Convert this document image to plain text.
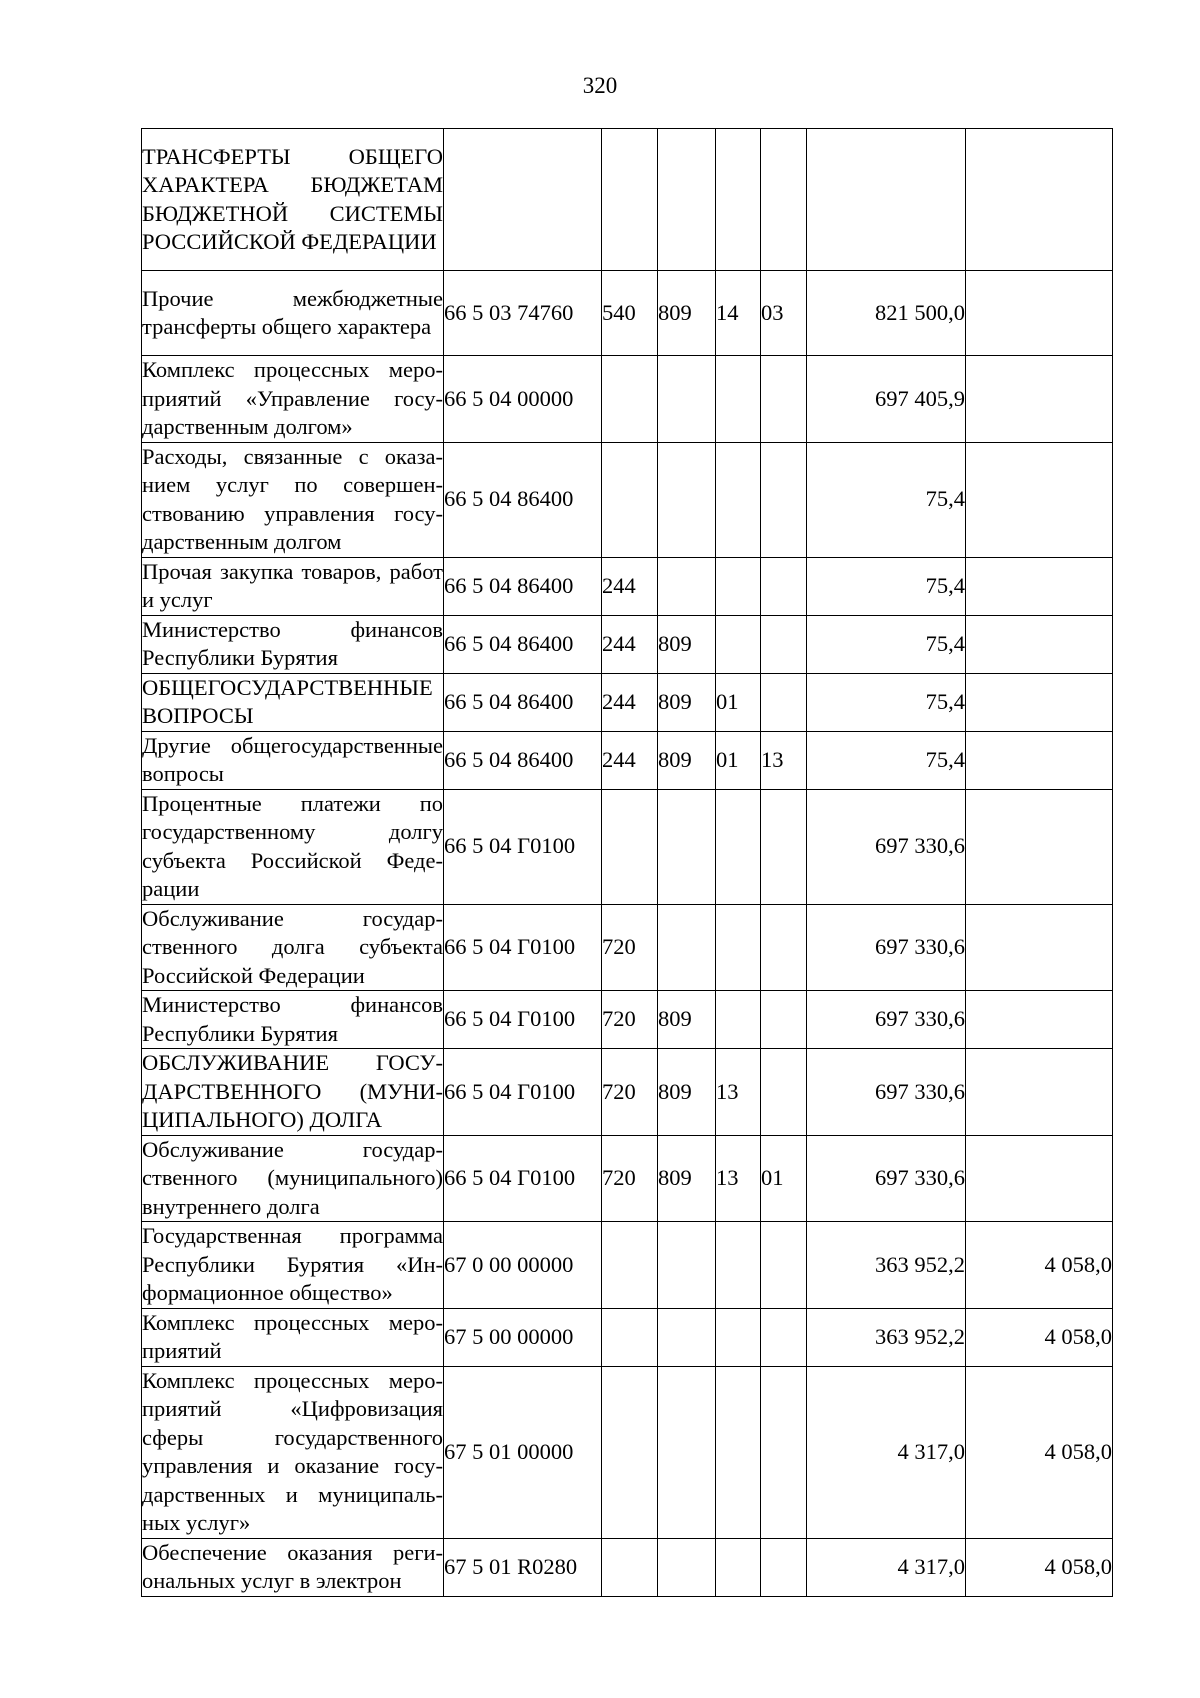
320
ТРАНСФЕРТЫ ОБЩЕГО ХАРАКТЕРА БЮДЖЕТАМ БЮДЖЕТНОЙ СИСТЕМЫ РОССИЙСКОЙ ФЕДЕРАЦИИ							
Прочие межбюджетные трансферты общего характера	66 5 03 74760	540	809	14	03	821 500,0	
Комплекс процессных мероприятий «Управление государственным долгом»	66 5 04 00000					697 405,9	
Расходы, связанные с оказанием услуг по совершенствованию управления государственным долгом	66 5 04 86400					75,4	
Прочая закупка товаров, работ и услуг	66 5 04 86400	244				75,4	
Министерство финансов Республики Бурятия	66 5 04 86400	244	809			75,4	
ОБЩЕГОСУДАРСТВЕННЫЕ ВОПРОСЫ	66 5 04 86400	244	809	01		75,4	
Другие общегосударственные вопросы	66 5 04 86400	244	809	01	13	75,4	
Процентные платежи по государственному долгу субъекта Российской Федерации	66 5 04 Г0100					697 330,6	
Обслуживание государственного долга субъекта Российской Федерации	66 5 04 Г0100	720				697 330,6	
Министерство финансов Республики Бурятия	66 5 04 Г0100	720	809			697 330,6	
ОБСЛУЖИВАНИЕ ГОСУДАРСТВЕННОГО (МУНИЦИПАЛЬНОГО) ДОЛГА	66 5 04 Г0100	720	809	13		697 330,6	
Обслуживание государственного (муниципального) внутреннего долга	66 5 04 Г0100	720	809	13	01	697 330,6	
Государственная программа Республики Бурятия «Информационное общество»	67 0 00 00000					363 952,2	4 058,0
Комплекс процессных мероприятий	67 5 00 00000					363 952,2	4 058,0
Комплекс процессных мероприятий «Цифровизация сферы государственного управления и оказание государственных и муниципальных услуг»	67 5 01 00000					4 317,0	4 058,0
Обеспечение оказания региональных услуг в электрон	67 5 01 R0280					4 317,0	4 058,0
